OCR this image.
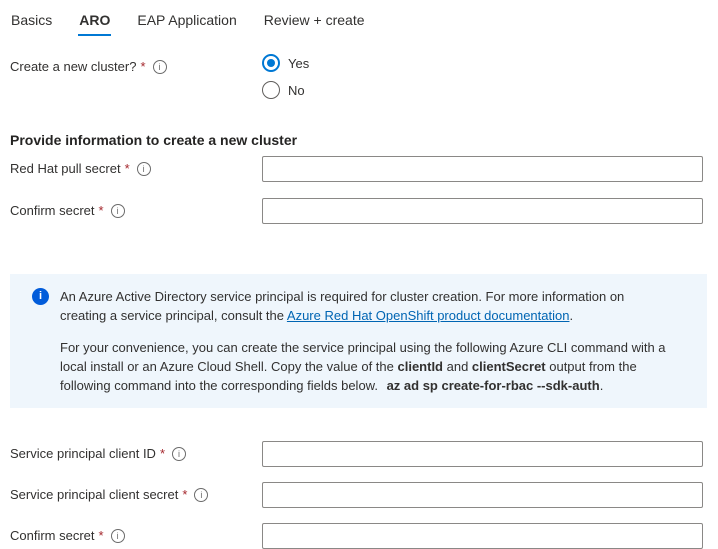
Basics ARO EAP Application Review + create
Create a new cluster? *	i	Yes
No
Provide information to create a new cluster
Red Hat pull secret *	i
Confirm secret *	i
i	An Azure Active Directory service principal is required for cluster creation. For more information on creating a service principal, consult the Azure Red Hat OpenShift product documentation.

For your convenience, you can create the service principal using the following Azure CLI command with a local install or an Azure Cloud Shell. Copy the value of the clientId and clientSecret output from the following command into the corresponding fields below. az ad sp create-for-rbac --sdk-auth.

Service principal client ID *	i
Service principal client secret *	i
Confirm secret *	i
